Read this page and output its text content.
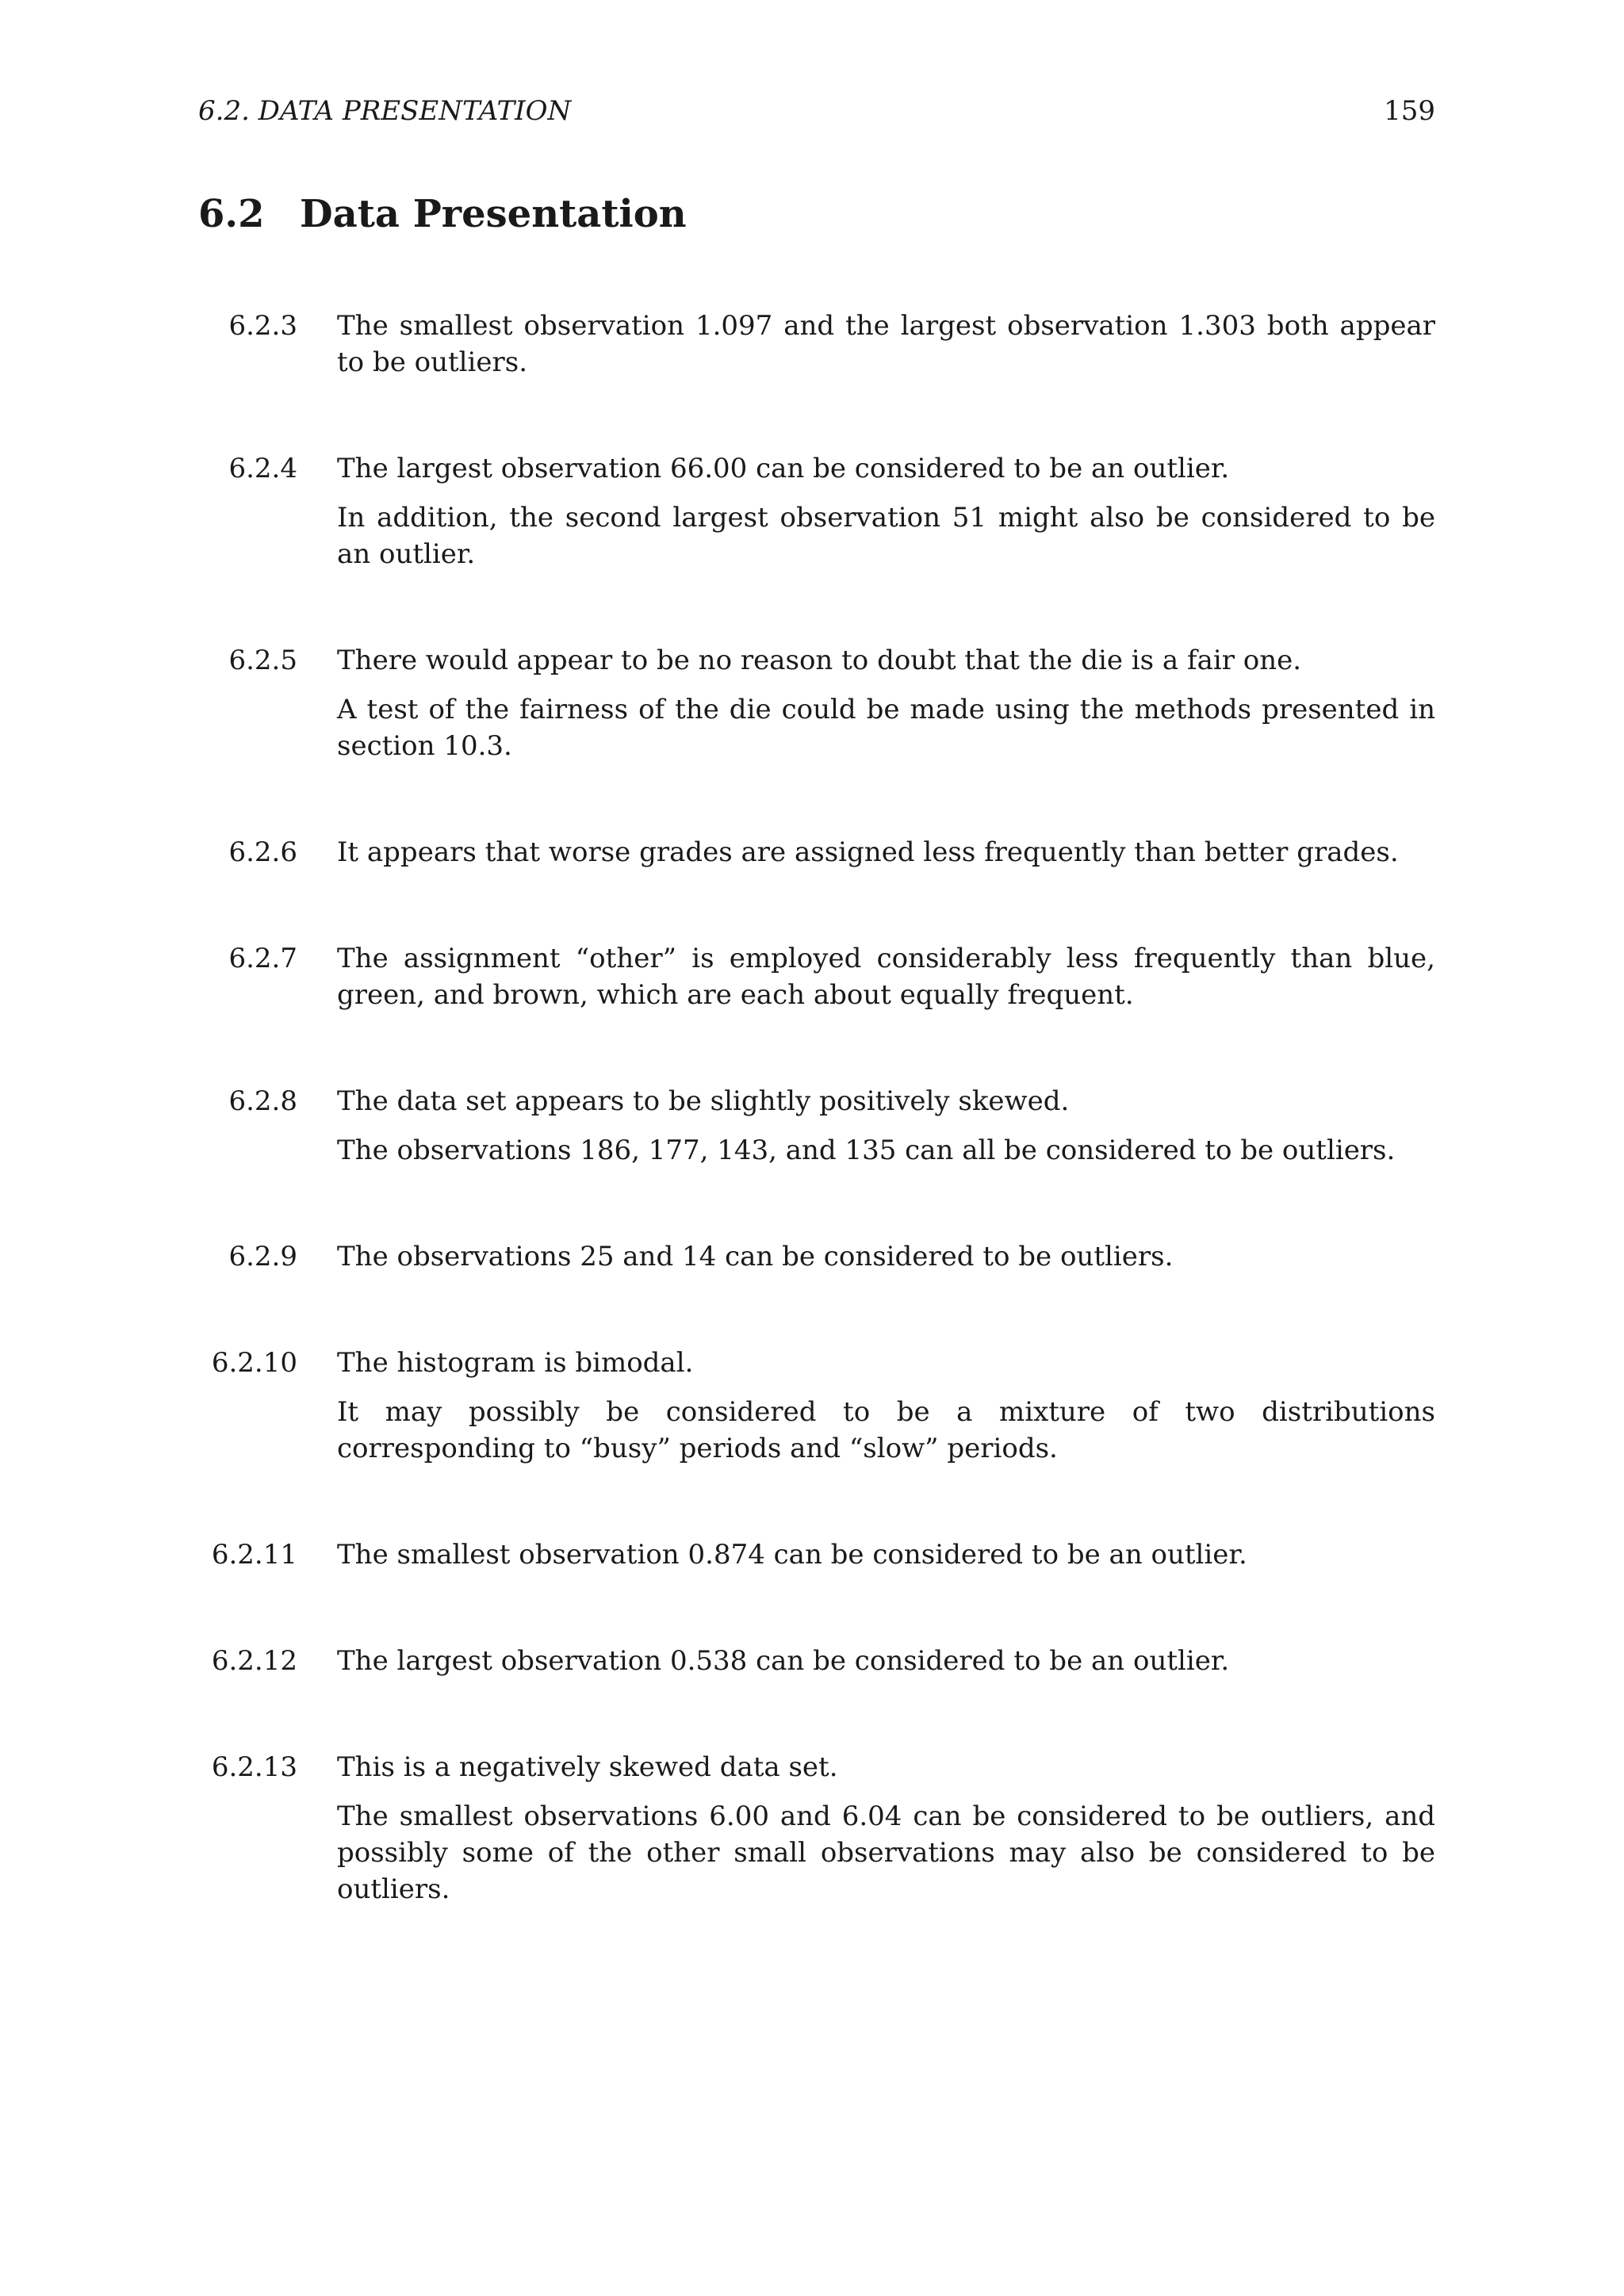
6.2. DATA PRESENTATION	159
6.2 Data Presentation
6.2.3 The smallest observation 1.097 and the largest observation 1.303 both appear to be outliers.

6.2.4 The largest observation 66.00 can be considered to be an outlier.

In addition, the second largest observation 51 might also be considered to be an outlier.

6.2.5 There would appear to be no reason to doubt that the die is a fair one.

A test of the fairness of the die could be made using the methods presented in section 10.3.

6.2.6 It appears that worse grades are assigned less frequently than better grades.

6.2.7 The assignment “other” is employed considerably less frequently than blue, green, and brown, which are each about equally frequent.

6.2.8 The data set appears to be slightly positively skewed.

The observations 186, 177, 143, and 135 can all be considered to be outliers.

6.2.9 The observations 25 and 14 can be considered to be outliers.

6.2.10 The histogram is bimodal.

It may possibly be considered to be a mixture of two distributions corresponding to “busy” periods and “slow” periods.

6.2.11 The smallest observation 0.874 can be considered to be an outlier.

6.2.12 The largest observation 0.538 can be considered to be an outlier.

6.2.13 This is a negatively skewed data set.

The smallest observations 6.00 and 6.04 can be considered to be outliers, and possibly some of the other small observations may also be considered to be outliers.
